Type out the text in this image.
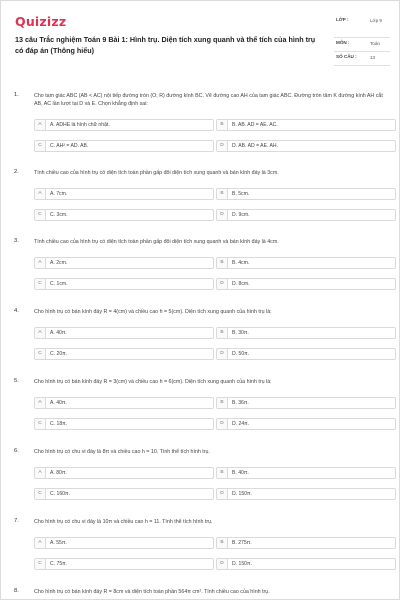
Quizizz
13 câu Trắc nghiệm Toán 9 Bài 1: Hình trụ. Diện tích xung quanh và thể tích của hình trụ có đáp án (Thông hiểu)
LỚP :	Lớp 9
MÔN :	Toán
SỐ CÂU :	13
1.	Cho tam giác ABC (AB < AC) nội tiếp đường tròn (O; R) đường kính BC. Vẽ đường cao AH của tam giác ABC. Đường tròn tâm K đường kính AH cắt AB, AC lần lượt tại D và E. Chọn khẳng định sai:
A	A. ADHE là hình chữ nhật.	B	B. AB. AD = AE. AC.
C	C. AH² = AD. AB.	D	D. AB. AD = AE. AH.
2.	Tính chiều cao của hình trụ có diện tích toàn phần gấp đôi diện tích xung quanh và bán kính đáy là 3cm.
A	A. 7cm.	B	B. 5cm.
C	C. 3cm.	D	D. 9cm.
3.	Tính chiều cao của hình trụ có diện tích toàn phần gấp đôi diện tích xung quanh và bán kính đáy là 4cm.
A	A. 2cm.	B	B. 4cm.
C	C. 1cm.	D	D. 8cm.
4.	Cho hình trụ có bán kính đáy R = 4(cm) và chiều cao h = 5(cm). Diện tích xung quanh của hình trụ là:
A	A. 40π.	B	B. 30π.
C	C. 20π.	D	D. 50π.
5.	Cho hình trụ có bán kính đáy R = 3(cm) và chiều cao h = 6(cm). Diện tích xung quanh của hình trụ là:
A	A. 40π.	B	B. 36π.
C	C. 18π.	D	D. 24π.
6.	Cho hình trụ có chu vi đáy là 8π và chiều cao h = 10. Tính thể tích hình trụ.
A	A. 80π.	B	B. 40π.
C	C. 160π.	D	D. 150π.
7.	Cho hình trụ có chu vi đáy là 10π và chiều cao h = 11. Tính thể tích hình trụ.
A	A. 55π.	B	B. 275π.
C	C. 75π.	D	D. 150π.
8.	Cho hình trụ có bán kính đáy R = 8cm và diện tích toàn phần 564π cm². Tính chiều cao của hình trụ.
